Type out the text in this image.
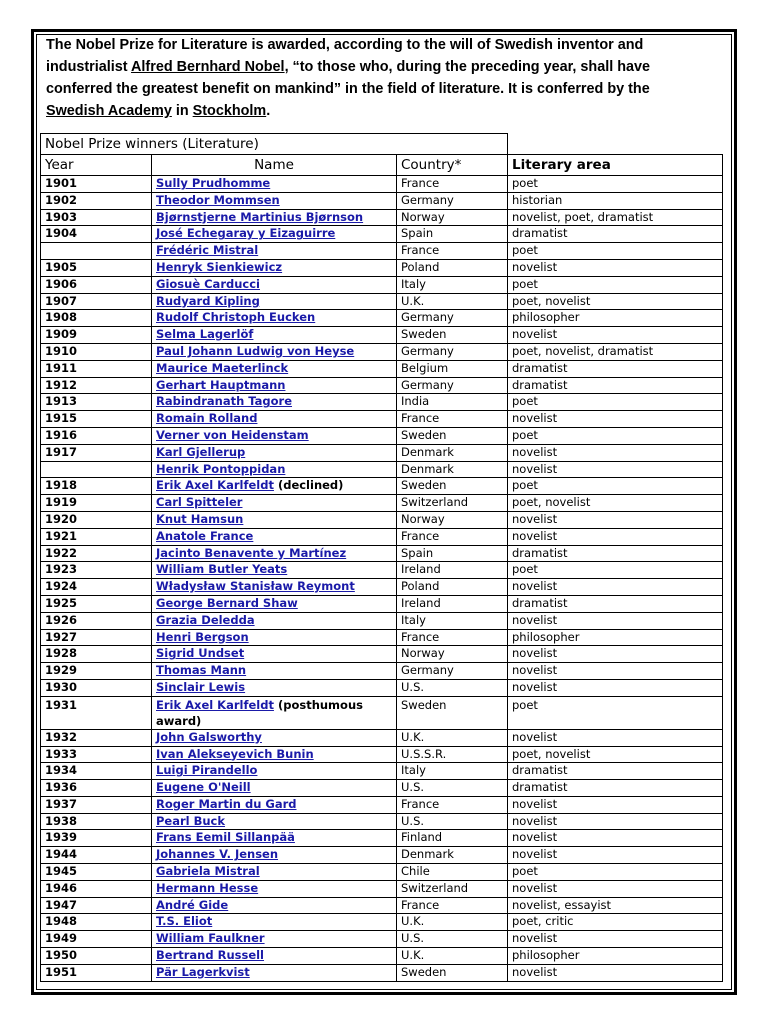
The Nobel Prize for Literature is awarded, according to the will of Swedish inventor and industrialist Alfred Bernhard Nobel, “to those who, during the preceding year, shall have conferred the greatest benefit on mankind” in the field of literature. It is conferred by the Swedish Academy in Stockholm.
Nobel Prize winners (Literature)			
Year	Name	Country*	Literary area
1901	Sully Prudhomme	France	poet
1902	Theodor Mommsen	Germany	historian
1903	Bjørnstjerne Martinius Bjørnson	Norway	novelist, poet, dramatist
1904	José Echegaray y Eizaguirre	Spain	dramatist
	Frédéric Mistral	France	poet
1905	Henryk Sienkiewicz	Poland	novelist
1906	Giosuè Carducci	Italy	poet
1907	Rudyard Kipling	U.K.	poet, novelist
1908	Rudolf Christoph Eucken	Germany	philosopher
1909	Selma Lagerlöf	Sweden	novelist
1910	Paul Johann Ludwig von Heyse	Germany	poet, novelist, dramatist
1911	Maurice Maeterlinck	Belgium	dramatist
1912	Gerhart Hauptmann	Germany	dramatist
1913	Rabindranath Tagore	India	poet
1915	Romain Rolland	France	novelist
1916	Verner von Heidenstam	Sweden	poet
1917	Karl Gjellerup	Denmark	novelist
	Henrik Pontoppidan	Denmark	novelist
1918	Erik Axel Karlfeldt (declined)	Sweden	poet
1919	Carl Spitteler	Switzerland	poet, novelist
1920	Knut Hamsun	Norway	novelist
1921	Anatole France	France	novelist
1922	Jacinto Benavente y Martínez	Spain	dramatist
1923	William Butler Yeats	Ireland	poet
1924	Władysław Stanisław Reymont	Poland	novelist
1925	George Bernard Shaw	Ireland	dramatist
1926	Grazia Deledda	Italy	novelist
1927	Henri Bergson	France	philosopher
1928	Sigrid Undset	Norway	novelist
1929	Thomas Mann	Germany	novelist
1930	Sinclair Lewis	U.S.	novelist
1931	Erik Axel Karlfeldt (posthumous award)	Sweden	poet
1932	John Galsworthy	U.K.	novelist
1933	Ivan Alekseyevich Bunin	U.S.S.R.	poet, novelist
1934	Luigi Pirandello	Italy	dramatist
1936	Eugene O'Neill	U.S.	dramatist
1937	Roger Martin du Gard	France	novelist
1938	Pearl Buck	U.S.	novelist
1939	Frans Eemil Sillanpää	Finland	novelist
1944	Johannes V. Jensen	Denmark	novelist
1945	Gabriela Mistral	Chile	poet
1946	Hermann Hesse	Switzerland	novelist
1947	André Gide	France	novelist, essayist
1948	T.S. Eliot	U.K.	poet, critic
1949	William Faulkner	U.S.	novelist
1950	Bertrand Russell	U.K.	philosopher
1951	Pär Lagerkvist	Sweden	novelist
